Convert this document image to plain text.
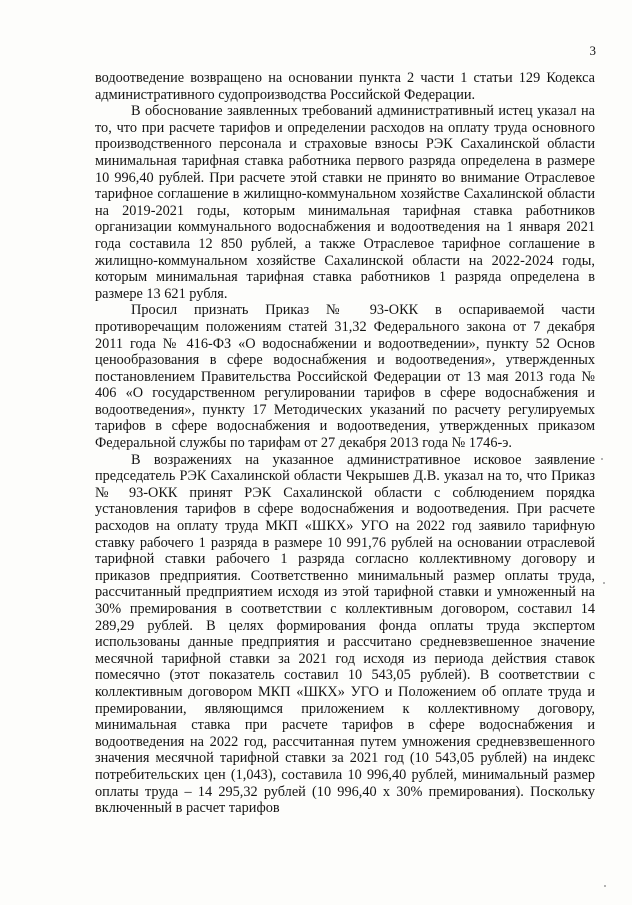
3

водоотведение возвращено на основании пункта 2 части 1 статьи 129 Кодекса административного судопроизводства Российской Федерации.

В обоснование заявленных требований административный истец указал на то, что при расчете тарифов и определении расходов на оплату труда основного производственного персонала и страховые взносы РЭК Сахалинской области минимальная тарифная ставка работника первого разряда определена в размере 10 996,40 рублей. При расчете этой ставки не принято во внимание Отраслевое тарифное соглашение в жилищно-коммунальном хозяйстве Сахалинской области на 2019-2021 годы, которым минимальная тарифная ставка работников организации коммунального водоснабжения и водоотведения на 1 января 2021 года составила 12 850 рублей, а также Отраслевое тарифное соглашение в жилищно-коммунальном хозяйстве Сахалинской области на 2022-2024 годы, которым минимальная тарифная ставка работников 1 разряда определена в размере 13 621 рубля.

Просил признать Приказ № 93-ОКК в оспариваемой части противоречащим положениям статей 31,32 Федерального закона от 7 декабря 2011 года № 416-ФЗ «О водоснабжении и водоотведении», пункту 52 Основ ценообразования в сфере водоснабжения и водоотведения», утвержденных постановлением Правительства Российской Федерации от 13 мая 2013 года № 406 «О государственном регулировании тарифов в сфере водоснабжения и водоотведения», пункту 17 Методических указаний по расчету регулируемых тарифов в сфере водоснабжения и водоотведения, утвержденных приказом Федеральной службы по тарифам от 27 декабря 2013 года № 1746-э.

В возражениях на указанное административное исковое заявление председатель РЭК Сахалинской области Чекрышев Д.В. указал на то, что Приказ № 93-ОКК принят РЭК Сахалинской области с соблюдением порядка установления тарифов в сфере водоснабжения и водоотведения. При расчете расходов на оплату труда МКП «ШКХ» УГО на 2022 год заявило тарифную ставку рабочего 1 разряда в размере 10 991,76 рублей на основании отраслевой тарифной ставки рабочего 1 разряда согласно коллективному договору и приказов предприятия. Соответственно минимальный размер оплаты труда, рассчитанный предприятием исходя из этой тарифной ставки и умноженный на 30% премирования в соответствии с коллективным договором, составил 14 289,29 рублей. В целях формирования фонда оплаты труда экспертом использованы данные предприятия и рассчитано средневзвешенное значение месячной тарифной ставки за 2021 год исходя из периода действия ставок помесячно (этот показатель составил 10 543,05 рублей). В соответствии с коллективным договором МКП «ШКХ» УГО и Положением об оплате труда и премировании, являющимся приложением к коллективному договору, минимальная ставка при расчете тарифов в сфере водоснабжения и водоотведения на 2022 год, рассчитанная путем умножения средневзвешенного значения месячной тарифной ставки за 2021 год (10 543,05 рублей) на индекс потребительских цен (1,043), составила 10 996,40 рублей, минимальный размер оплаты труда – 14 295,32 рублей (10 996,40 х 30% премирования). Поскольку включенный в расчет тарифов
